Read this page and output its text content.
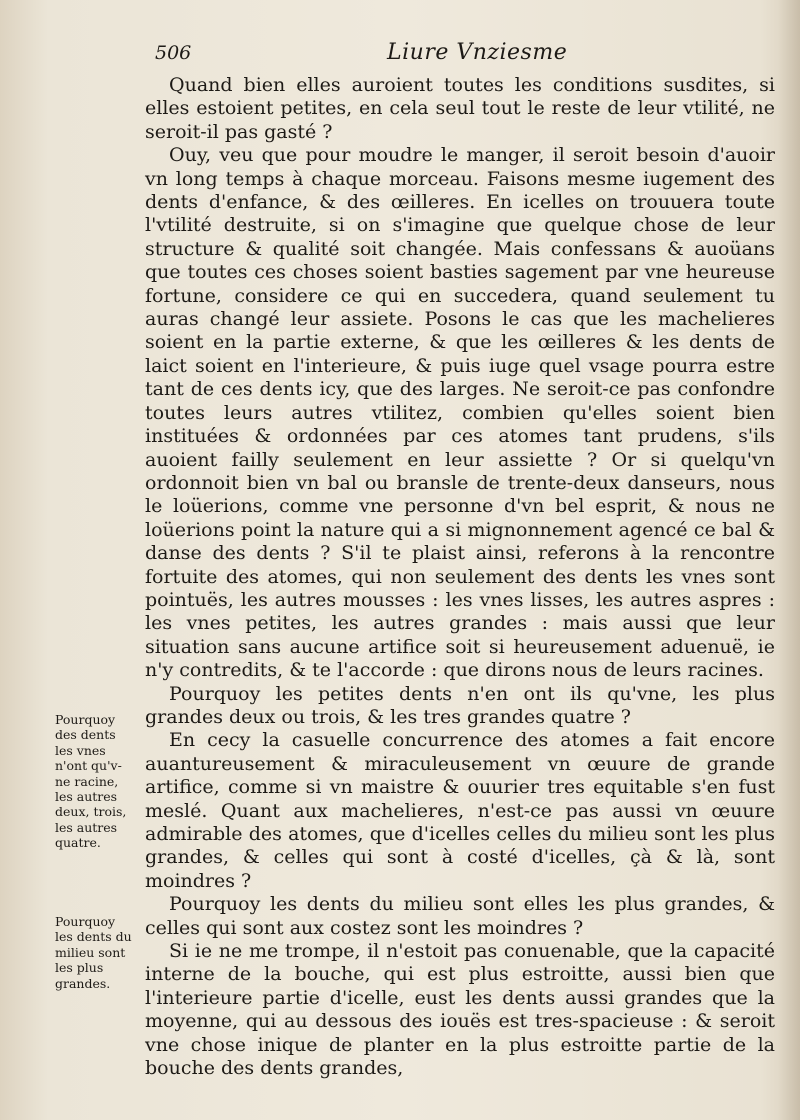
506	Liure Vnziesme

Quand bien elles auroient toutes les conditions susdites, si elles estoient petites, en cela seul tout le reste de leur vtilité, ne seroit-il pas gasté ?

Ouy, veu que pour moudre le manger, il seroit besoin d'auoir vn long temps à chaque morceau. Faisons mesme iugement des dents d'enfance, & des œilleres. En icelles on trouuera toute l'vtilité destruite, si on s'imagine que quelque chose de leur structure & qualité soit changée. Mais confessans & auoüans que toutes ces choses soient basties sagement par vne heureuse fortune, considere ce qui en succedera, quand seulement tu auras changé leur assiete. Posons le cas que les machelieres soient en la partie externe, & que les œilleres & les dents de laict soient en l'interieure, & puis iuge quel vsage pourra estre tant de ces dents icy, que des larges. Ne seroit-ce pas confondre toutes leurs autres vtilitez, combien qu'elles soient bien instituées & ordonnées par ces atomes tant prudens, s'ils auoient failly seulement en leur assiette ? Or si quelqu'vn ordonnoit bien vn bal ou bransle de trente-deux danseurs, nous le loüerions, comme vne personne d'vn bel esprit, & nous ne loüerions point la nature qui a si mignonnement agencé ce bal & danse des dents ? S'il te plaist ainsi, referons à la rencontre fortuite des atomes, qui non seulement des dents les vnes sont pointuës, les autres mousses : les vnes lisses, les autres aspres : les vnes petites, les autres grandes : mais aussi que leur situation sans aucune artifice soit si heureusement aduenuë, ie n'y contredits, & te l'accorde : que dirons nous de leurs racines.

Pourquoy les petites dents n'en ont ils qu'vne, les plus grandes deux ou trois, & les tres grandes quatre ?

En cecy la casuelle concurrence des atomes a fait encore auantureusement & miraculeusement vn œuure de grande artifice, comme si vn maistre & ouurier tres equitable s'en fust meslé. Quant aux machelieres, n'est-ce pas aussi vn œuure admirable des atomes, que d'icelles celles du milieu sont les plus grandes, & celles qui sont à costé d'icelles, çà & là, sont moindres ?

Pourquoy les dents du milieu sont elles les plus grandes, & celles qui sont aux costez sont les moindres ?

Si ie ne me trompe, il n'estoit pas conuenable, que la capacité interne de la bouche, qui est plus estroitte, aussi bien que l'interieure partie d'icelle, eust les dents aussi grandes que la moyenne, qui au dessous des iouës est tres-spacieuse : & seroit vne chose inique de planter en la plus estroitte partie de la bouche des dents grandes,

Pourquoy
des dents
les vnes
n'ont qu'v-
ne racine,
les autres
deux, trois,
les autres
quatre.
Pourquoy
les dents du
milieu sont
les plus
grandes.
